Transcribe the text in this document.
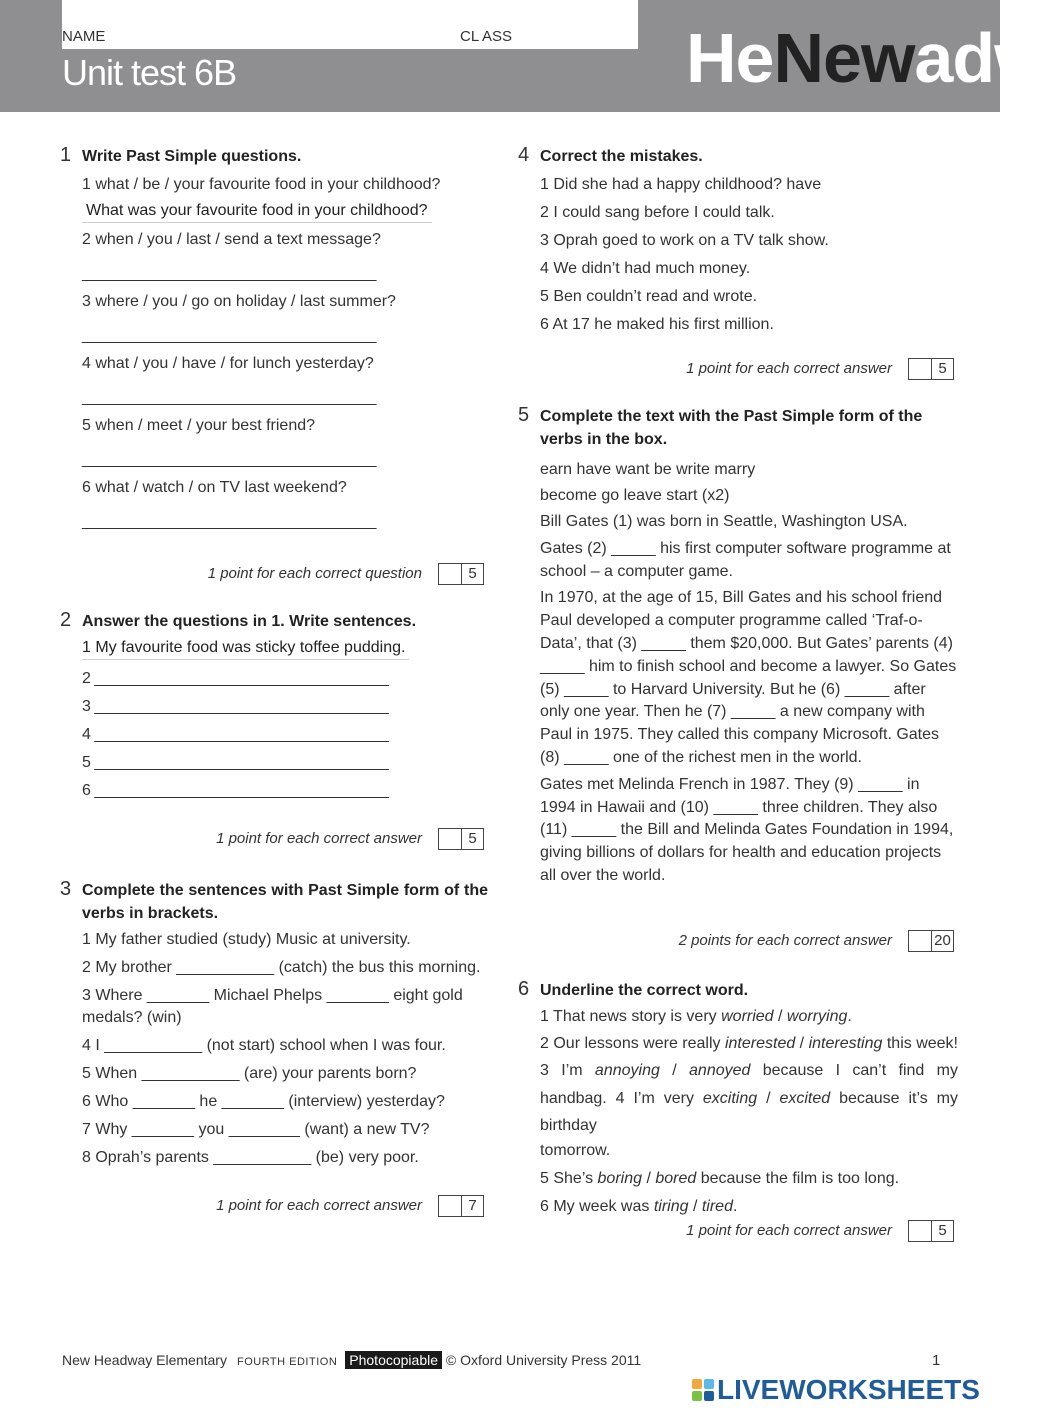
NAME	CL ASS
Unit test 6B	HeNewadw
1 Write Past Simple questions.
1 what / be / your favourite food in your childhood?
What was your favourite food in your childhood?
2 when / you / last / send a text message?
___________________________________
3 where / you / go on holiday / last summer?
___________________________________
4 what / you / have / for lunch yesterday?
___________________________________
5 when / meet / your best friend?
___________________________________
6 what / watch / on TV last weekend?
___________________________________
1 point for each correct question	5
2 Answer the questions in 1. Write sentences.
1 My favourite food was sticky toffee pudding.
2 ___________________________________
3 ___________________________________
4 ___________________________________
5 ___________________________________
6 ___________________________________
1 point for each correct answer	5
3 Complete the sentences with Past Simple form of the verbs in brackets.
1 My father studied (study) Music at university.
2 My brother ___________ (catch) the bus this morning.
3 Where _______ Michael Phelps _______ eight gold medals? (win)
4 I ___________ (not start) school when I was four.
5 When ___________ (are) your parents born?
6 Who _______ he _______ (interview) yesterday?
7 Why _______ you ________ (want) a new TV?
8 Oprah’s parents ___________ (be) very poor.
1 point for each correct answer	7
4 Correct the mistakes.
1 Did she had a happy childhood? have
2 I could sang before I could talk.
3 Oprah goed to work on a TV talk show.
4 We didn’t had much money.
5 Ben couldn’t read and wrote.
6 At 17 he maked his first million.
1 point for each correct answer	5
5 Complete the text with the Past Simple form of the verbs in the box.
earn have want be write marry
become go leave start (x2)
Bill Gates (1) was born in Seattle, Washington USA.
Gates (2) _____ his first computer software programme at school – a computer game.
In 1970, at the age of 15, Bill Gates and his school friend Paul developed a computer programme called ‘Traf-o-Data’, that (3) _____ them $20,000. But Gates’ parents (4) _____ him to finish school and become a lawyer. So Gates (5) _____ to Harvard University. But he (6) _____ after only one year. Then he (7) _____ a new company with Paul in 1975. They called this company Microsoft. Gates (8) _____ one of the richest men in the world.
Gates met Melinda French in 1987. They (9) _____ in 1994 in Hawaii and (10) _____ three children. They also (11) _____ the Bill and Melinda Gates Foundation in 1994, giving billions of dollars for health and education projects all over the world.
2 points for each correct answer	20
6 Underline the correct word.
1 That news story is very worried / worrying.
2 Our lessons were really interested / interesting this week! 3 I’m annoying / annoyed because I can’t find my handbag. 4 I’m very exciting / excited because it’s my birthday
tomorrow.
5 She’s boring / bored because the film is too long.
6 My week was tiring / tired.
1 point for each correct answer	5
New Headway Elementary FOURTH EDITION Photocopiable © Oxford University Press 2011	1
LIVEWORKSHEETS
